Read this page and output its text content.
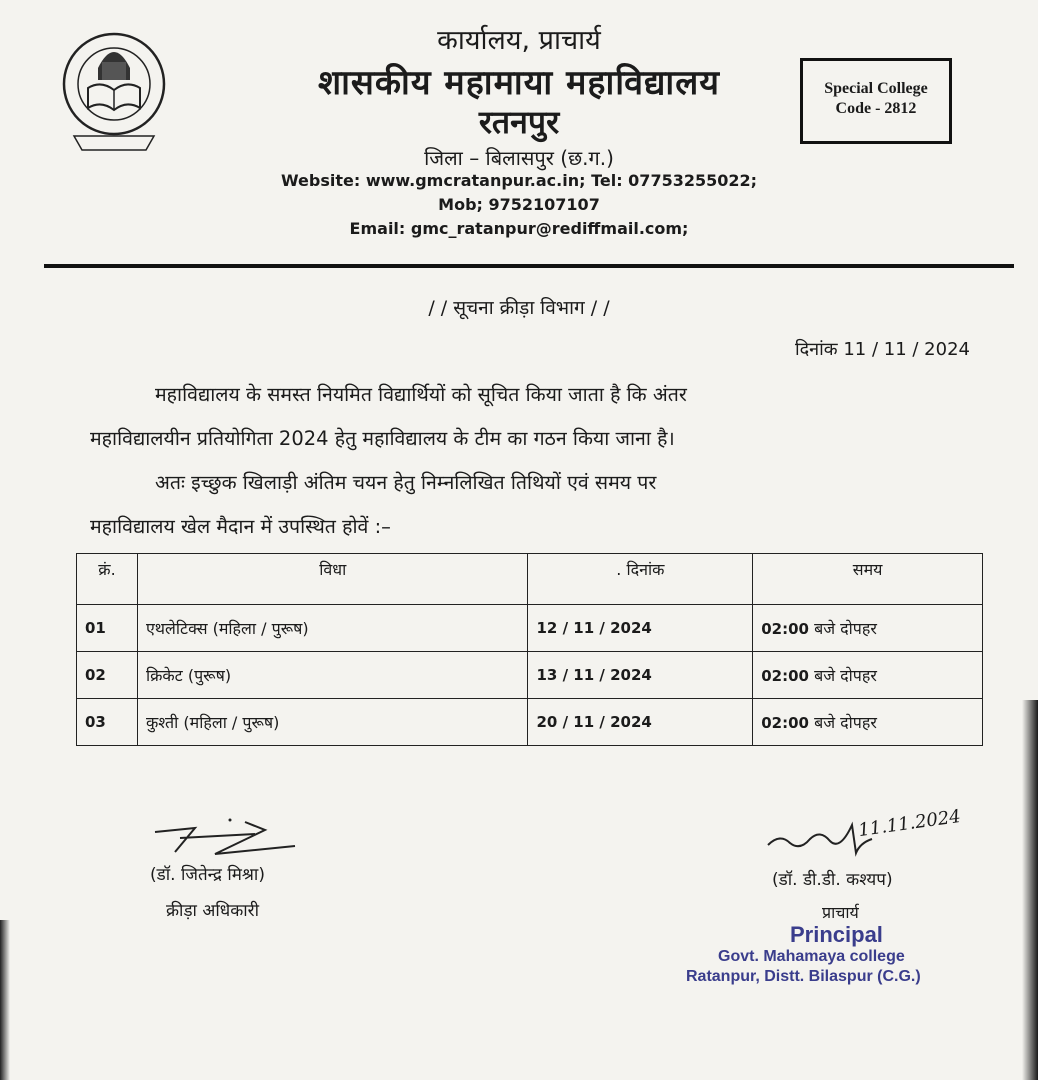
कार्यालय, प्राचार्य
शासकीय महामाया महाविद्यालय
रतनपुर
जिला – बिलासपुर (छ.ग.)
Website: www.gmcratanpur.ac.in; Tel: 07753255022;
Mob; 9752107107
Email: gmc_ratanpur@rediffmail.com;
Special College
Code - 2812
/ / सूचना क्रीड़ा विभाग / /
दिनांक 11 / 11 / 2024
महाविद्यालय के समस्त नियमित विद्यार्थियों को सूचित किया जाता है कि अंतर
महाविद्यालयीन प्रतियोगिता 2024 हेतु महाविद्यालय के टीम का गठन किया जाना है।
अतः इच्छुक खिलाड़ी अंतिम चयन हेतु निम्नलिखित तिथियों एवं समय पर
महाविद्यालय खेल मैदान में उपस्थित होवें :–
क्रं.	विधा	. दिनांक	समय
01	एथलेटिक्स (महिला / पुरूष)	12 / 11 / 2024	02:00 बजे दोपहर
02	क्रिकेट (पुरूष)	13 / 11 / 2024	02:00 बजे दोपहर
03	कुश्ती (महिला / पुरूष)	20 / 11 / 2024	02:00 बजे दोपहर
(डॉ. जितेन्द्र मिश्रा)
क्रीड़ा अधिकारी
11.11.2024
(डॉ. डी.डी. कश्यप)
प्राचार्य
Principal
Govt. Mahamaya college
Ratanpur, Distt. Bilaspur (C.G.)
